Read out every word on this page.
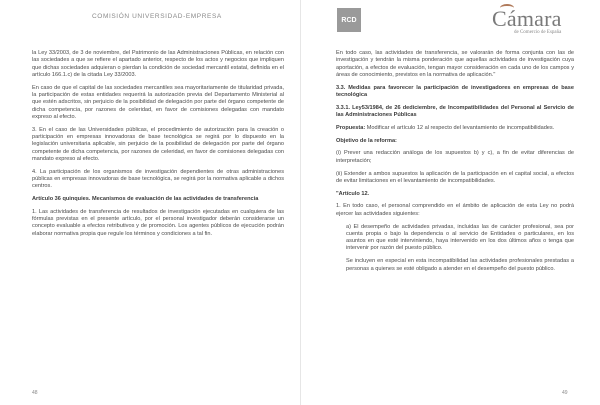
COMISIÓN UNIVERSIDAD-EMPRESA	RCD	Cámara
de Comercio de España

la Ley 33/2003, de 3 de noviembre, del Patrimonio de las Administraciones Públicas, en relación con las sociedades a que se refiere el apartado anterior, respecto de los actos y negocios que impliquen que dichas sociedades adquieran o pierdan la condición de sociedad mercantil estatal, definida en el artículo 166.1.c) de la citada Ley 33/2003.

En caso de que el capital de las sociedades mercantiles sea mayoritariamente de titularidad privada, la participación de estas entidades requerirá la autorización previa del Departamento Ministerial al que estén adscritos, sin perjuicio de la posibilidad de delegación por parte del órgano competente de dicha competencia, por razones de celeridad, en favor de comisiones delegadas con mandato expreso al efecto.

3. En el caso de las Universidades públicas, el procedimiento de autorización para la creación o participación en empresas innovadoras de base tecnológica se regirá por lo dispuesto en la legislación universitaria aplicable, sin perjuicio de la posibilidad de delegación por parte del órgano competente de dicha competencia, por razones de celeridad, en favor de comisiones delegadas con mandato expreso al efecto.

4. La participación de los organismos de investigación dependientes de otras administraciones públicas en empresas innovadoras de base tecnológica, se regirá por la normativa aplicable a dichos centros.

Artículo 36 quinquies. Mecanismos de evaluación de las actividades de transferencia

1. Las actividades de transferencia de resultados de investigación ejecutadas en cualquiera de las fórmulas previstas en el presente artículo, por el personal investigador deberán considerarse un concepto evaluable a efectos retributivos y de promoción. Los agentes públicos de ejecución podrán elaborar normativa propia que regule los términos y condiciones a tal fin.

En todo caso, las actividades de transferencia, se valorarán de forma conjunta con las de investigación y tendrán la misma ponderación que aquellas actividades de investigación cuya aportación, a efectos de evaluación, tengan mayor consideración en cada uno de los campos y áreas de conocimiento, previstos en la normativa de aplicación."

3.3. Medidas para favorecer la participación de investigadores en empresas de base tecnológica

3.3.1. Ley53/1984, de 26 dediciembre, de Incompatibilidades del Personal al Servicio de las Administraciones Públicas

Propuesta: Modificar el artículo 12 al respecto del levantamiento de incompatibilidades.

Objetivo de la reforma:

(i) Prever una redacción análoga de los supuestos b) y c), a fin de evitar diferencias de interpretación;

(ii) Extender a ambos supuestos la aplicación de la participación en el capital social, a efectos de evitar limitaciones en el levantamiento de incompatibilidades.

"Artículo 12.

1. En todo caso, el personal comprendido en el ámbito de aplicación de esta Ley no podrá ejercer las actividades siguientes:

a) El desempeño de actividades privadas, incluidas las de carácter profesional, sea por cuenta propia o bajo la dependencia o al servicio de Entidades o particulares, en los asuntos en que esté interviniendo, haya intervenido en los dos últimos años o tenga que intervenir por razón del puesto público.

Se incluyen en especial en esta incompatibilidad las actividades profesionales prestadas a personas a quienes se esté obligado a atender en el desempeño del puesto público.

48	49
